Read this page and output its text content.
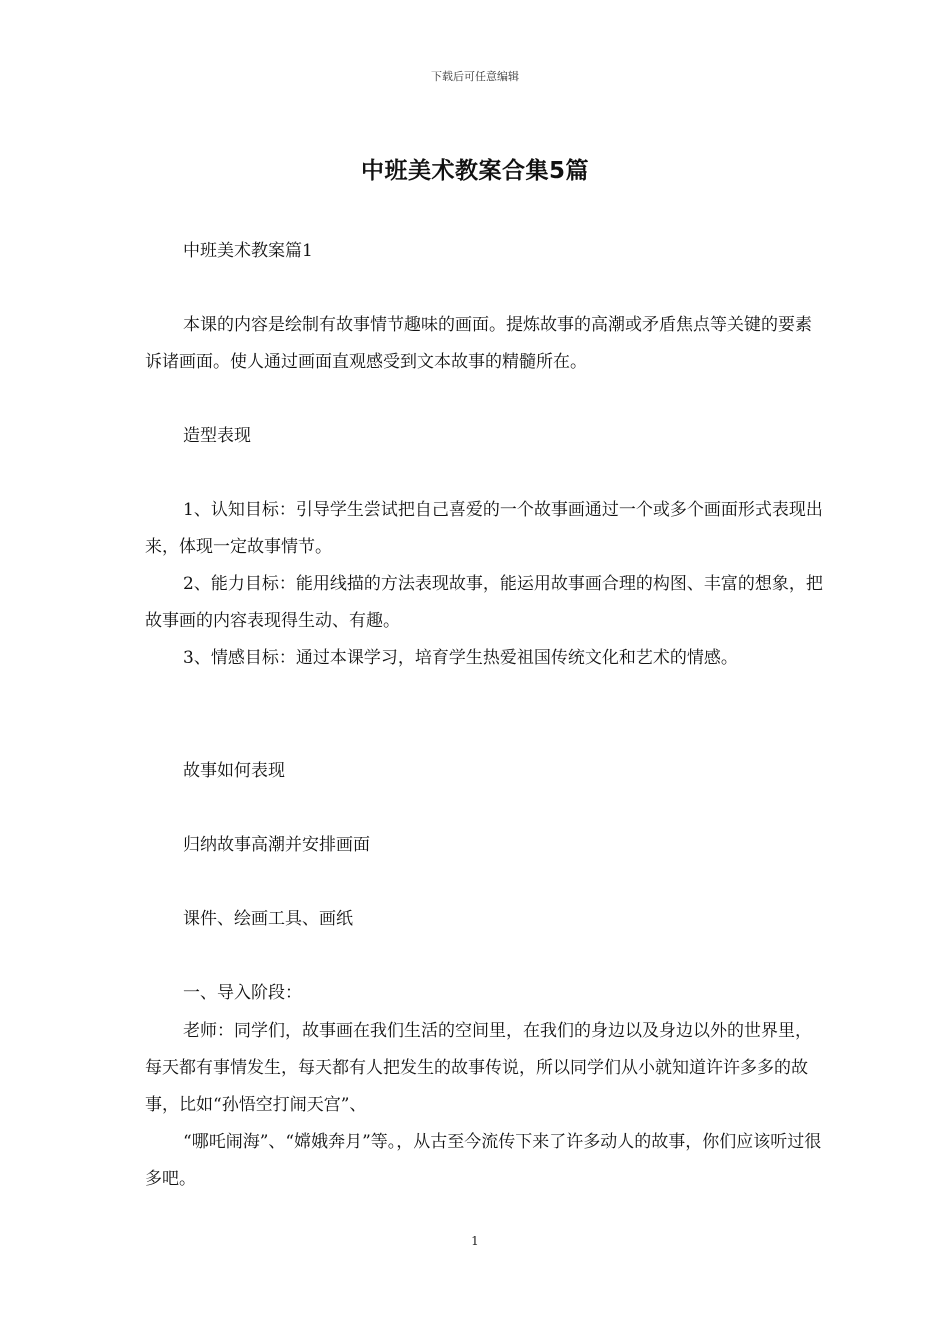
下载后可任意编辑
中班美术教案合集5篇

中班美术教案篇1

本课的内容是绘制有故事情节趣味的画面。提炼故事的高潮或矛盾焦点等关键的要素诉诸画面。使人通过画面直观感受到文本故事的精髓所在。

造型表现

1、认知目标：引导学生尝试把自己喜爱的一个故事画通过一个或多个画面形式表现出来，体现一定故事情节。

2、能力目标：能用线描的方法表现故事，能运用故事画合理的构图、丰富的想象，把故事画的内容表现得生动、有趣。

3、情感目标：通过本课学习，培育学生热爱祖国传统文化和艺术的情感。

故事如何表现

归纳故事高潮并安排画面

课件、绘画工具、画纸

一、导入阶段：

老师：同学们，故事画在我们生活的空间里，在我们的身边以及身边以外的世界里，每天都有事情发生，每天都有人把发生的故事传说，所以同学们从小就知道许许多多的故事，比如“孙悟空打闹天宫”、

“哪吒闹海”、“嫦娥奔月”等。，从古至今流传下来了许多动人的故事，你们应该听过很多吧。

1
